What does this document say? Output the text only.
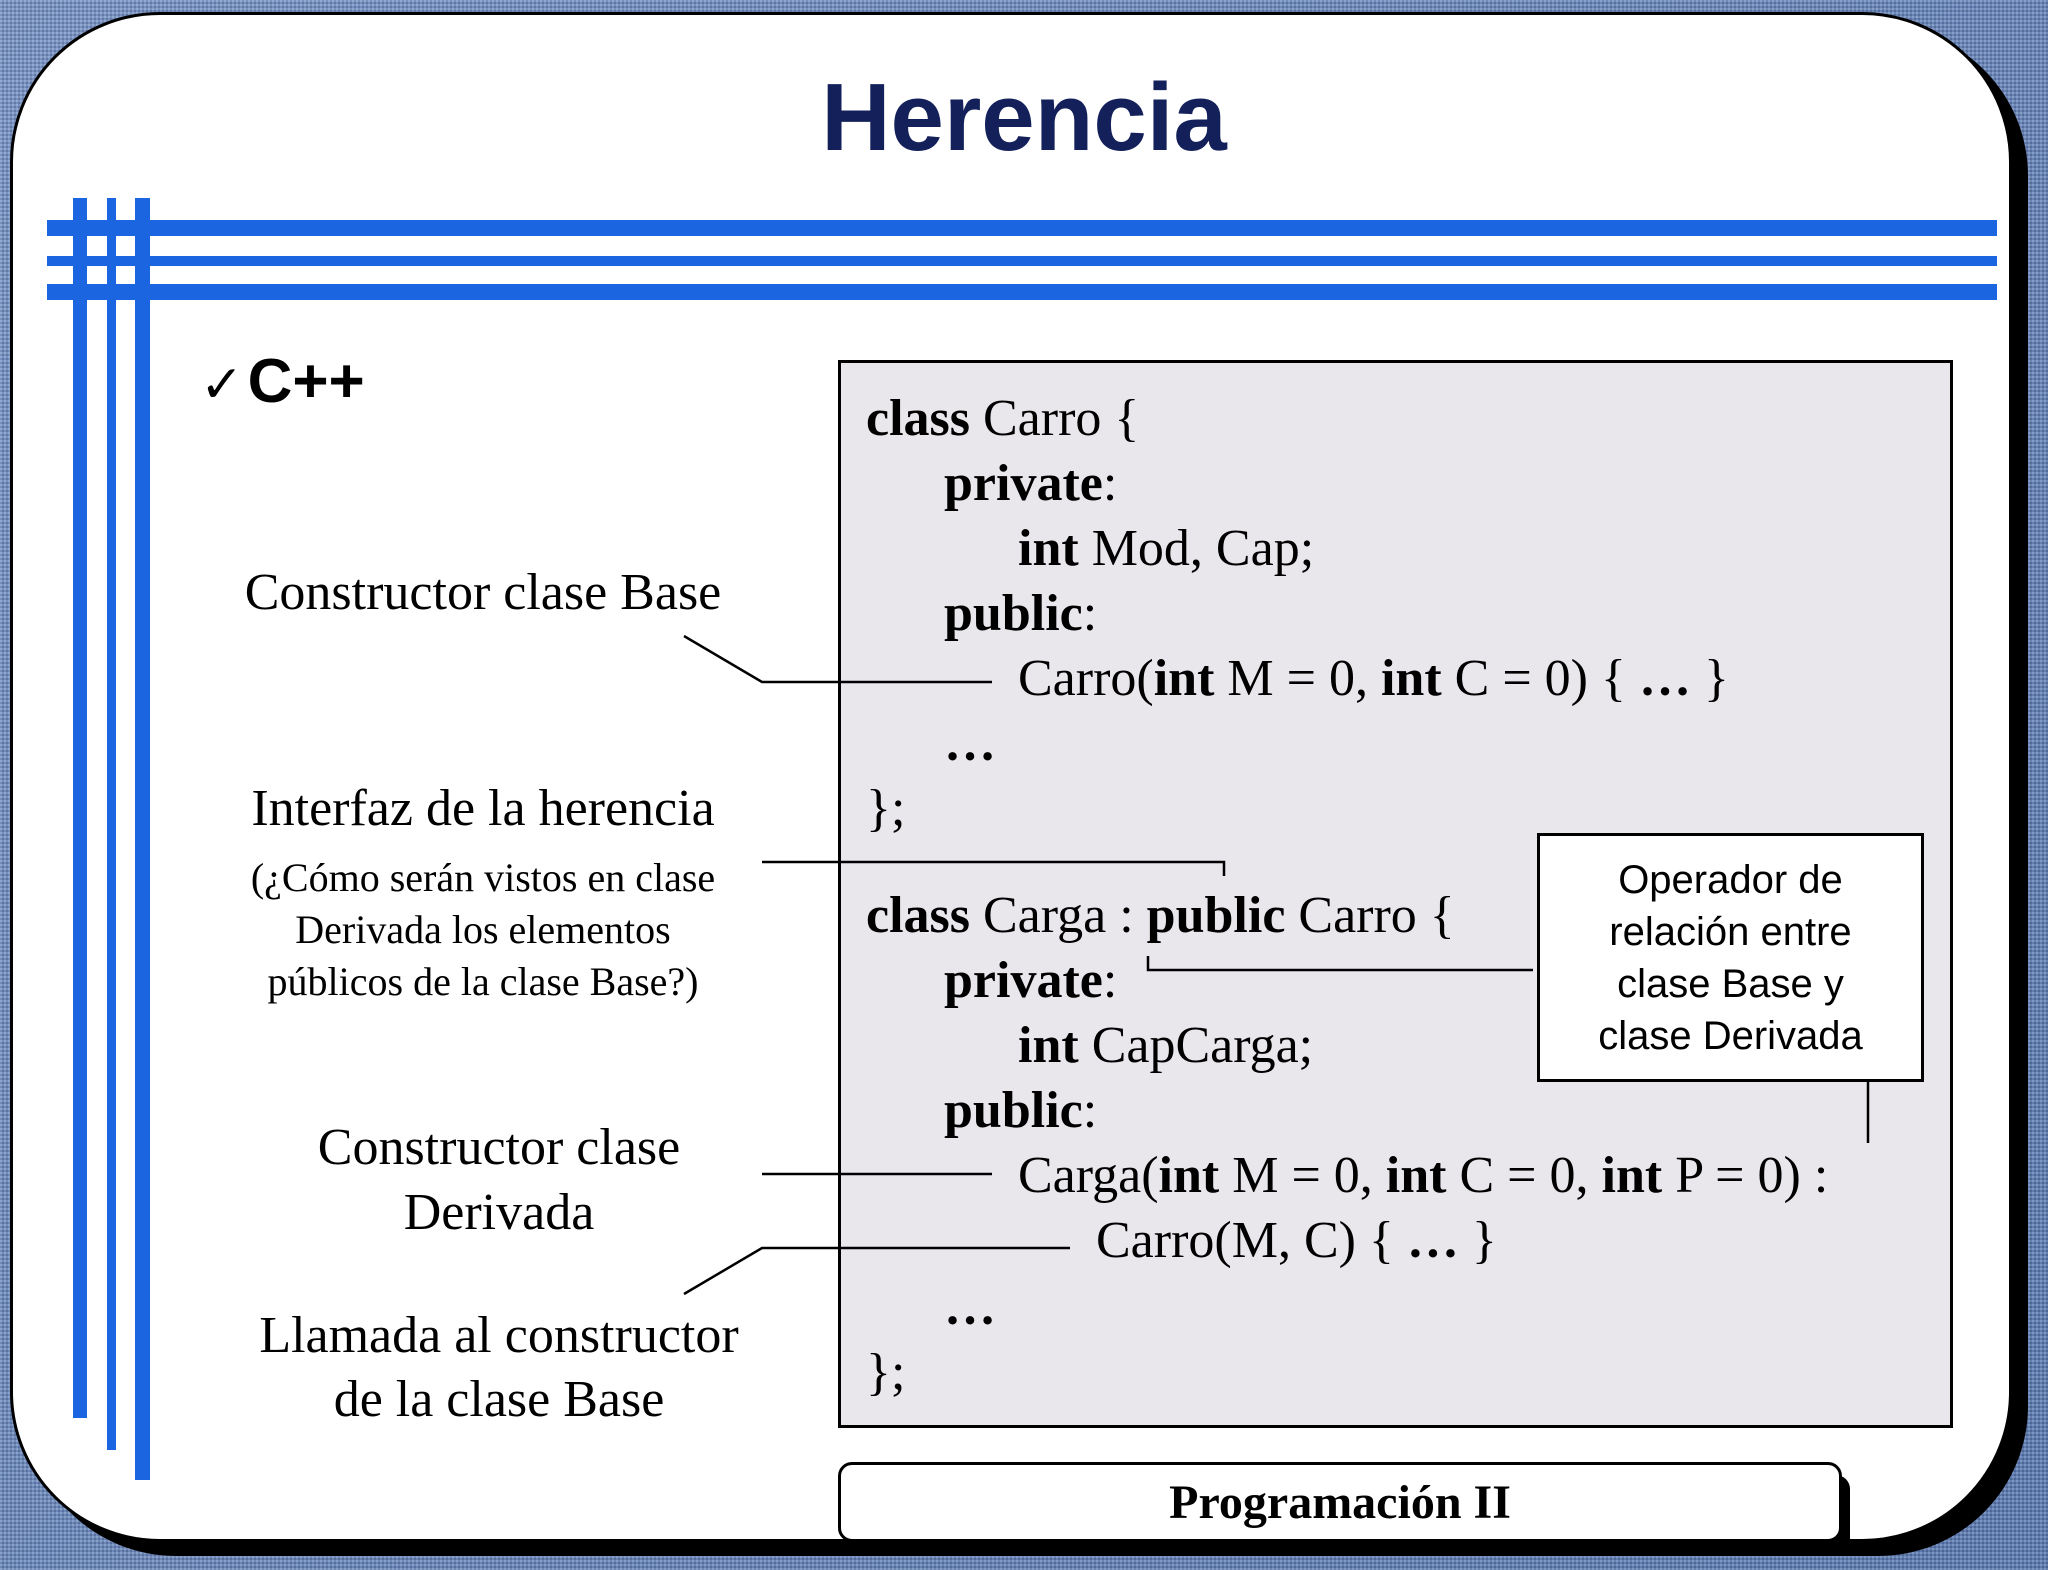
Herencia
✓C++
class Carro {
private:
int Mod, Cap;
public:
Carro(int M = 0, int C = 0) { … }
…
};
class Carga : public Carro {
private:
int CapCarga;
public:
Carga(int M = 0, int C = 0, int P = 0) :
Carro(M, C) { … }
…
};
Constructor clase Base
Interfaz de la herencia
(¿Cómo serán vistos en clase
Derivada los elementos
públicos de la clase Base?)
Constructor clase
Derivada
Llamada al constructor
de la clase Base
Operador de
relación entre
clase Base y
clase Derivada
Programación II
